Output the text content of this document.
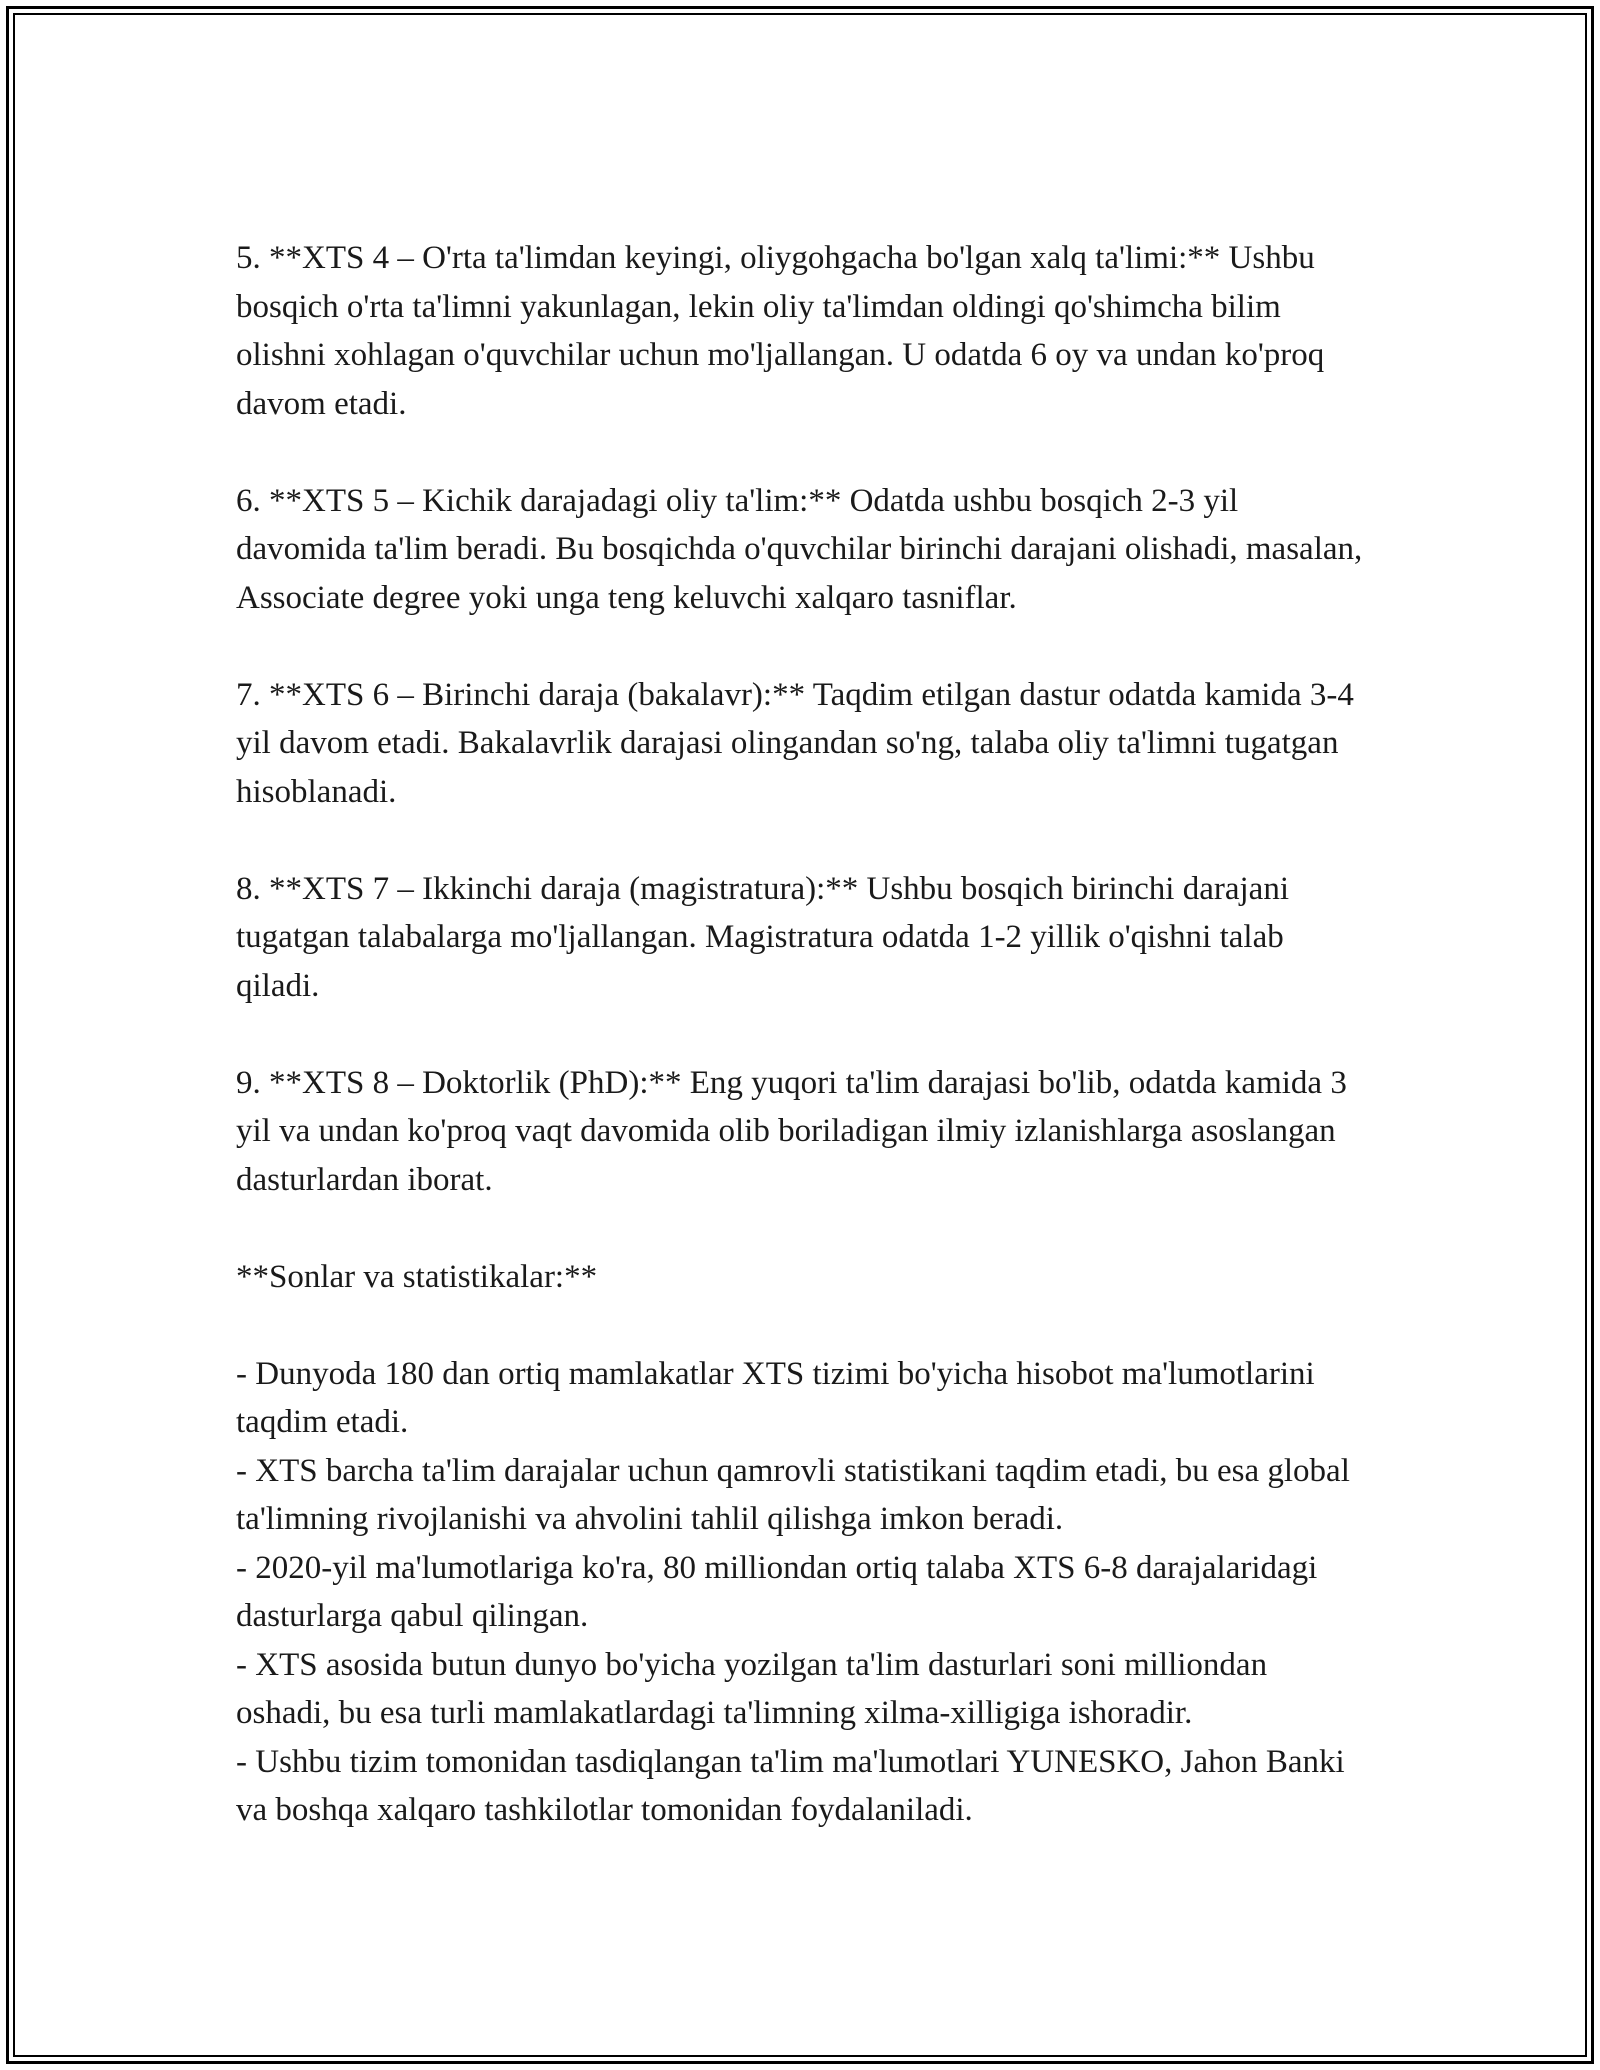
5. **XTS 4 – O'rta ta'limdan keyingi, oliygohgacha bo'lgan xalq ta'limi:** Ushbu bosqich o'rta ta'limni yakunlagan, lekin oliy ta'limdan oldingi qo'shimcha bilim olishni xohlagan o'quvchilar uchun mo'ljallangan. U odatda 6 oy va undan ko'proq davom etadi.

6. **XTS 5 – Kichik darajadagi oliy ta'lim:** Odatda ushbu bosqich 2-3 yil davomida ta'lim beradi. Bu bosqichda o'quvchilar birinchi darajani olishadi, masalan, Associate degree yoki unga teng keluvchi xalqaro tasniflar.

7. **XTS 6 – Birinchi daraja (bakalavr):** Taqdim etilgan dastur odatda kamida 3-4 yil davom etadi. Bakalavrlik darajasi olingandan so'ng, talaba oliy ta'limni tugatgan hisoblanadi.

8. **XTS 7 – Ikkinchi daraja (magistratura):** Ushbu bosqich birinchi darajani tugatgan talabalarga mo'ljallangan. Magistratura odatda 1-2 yillik o'qishni talab qiladi.

9. **XTS 8 – Doktorlik (PhD):** Eng yuqori ta'lim darajasi bo'lib, odatda kamida 3 yil va undan ko'proq vaqt davomida olib boriladigan ilmiy izlanishlarga asoslangan dasturlardan iborat.

**Sonlar va statistikalar:**

- Dunyoda 180 dan ortiq mamlakatlar XTS tizimi bo'yicha hisobot ma'lumotlarini taqdim etadi.

- XTS barcha ta'lim darajalar uchun qamrovli statistikani taqdim etadi, bu esa global ta'limning rivojlanishi va ahvolini tahlil qilishga imkon beradi.

- 2020-yil ma'lumotlariga ko'ra, 80 milliondan ortiq talaba XTS 6-8 darajalaridagi dasturlarga qabul qilingan.

- XTS asosida butun dunyo bo'yicha yozilgan ta'lim dasturlari soni milliondan oshadi, bu esa turli mamlakatlardagi ta'limning xilma-xilligiga ishoradir.

- Ushbu tizim tomonidan tasdiqlangan ta'lim ma'lumotlari YUNESKO, Jahon Banki va boshqa xalqaro tashkilotlar tomonidan foydalaniladi.
